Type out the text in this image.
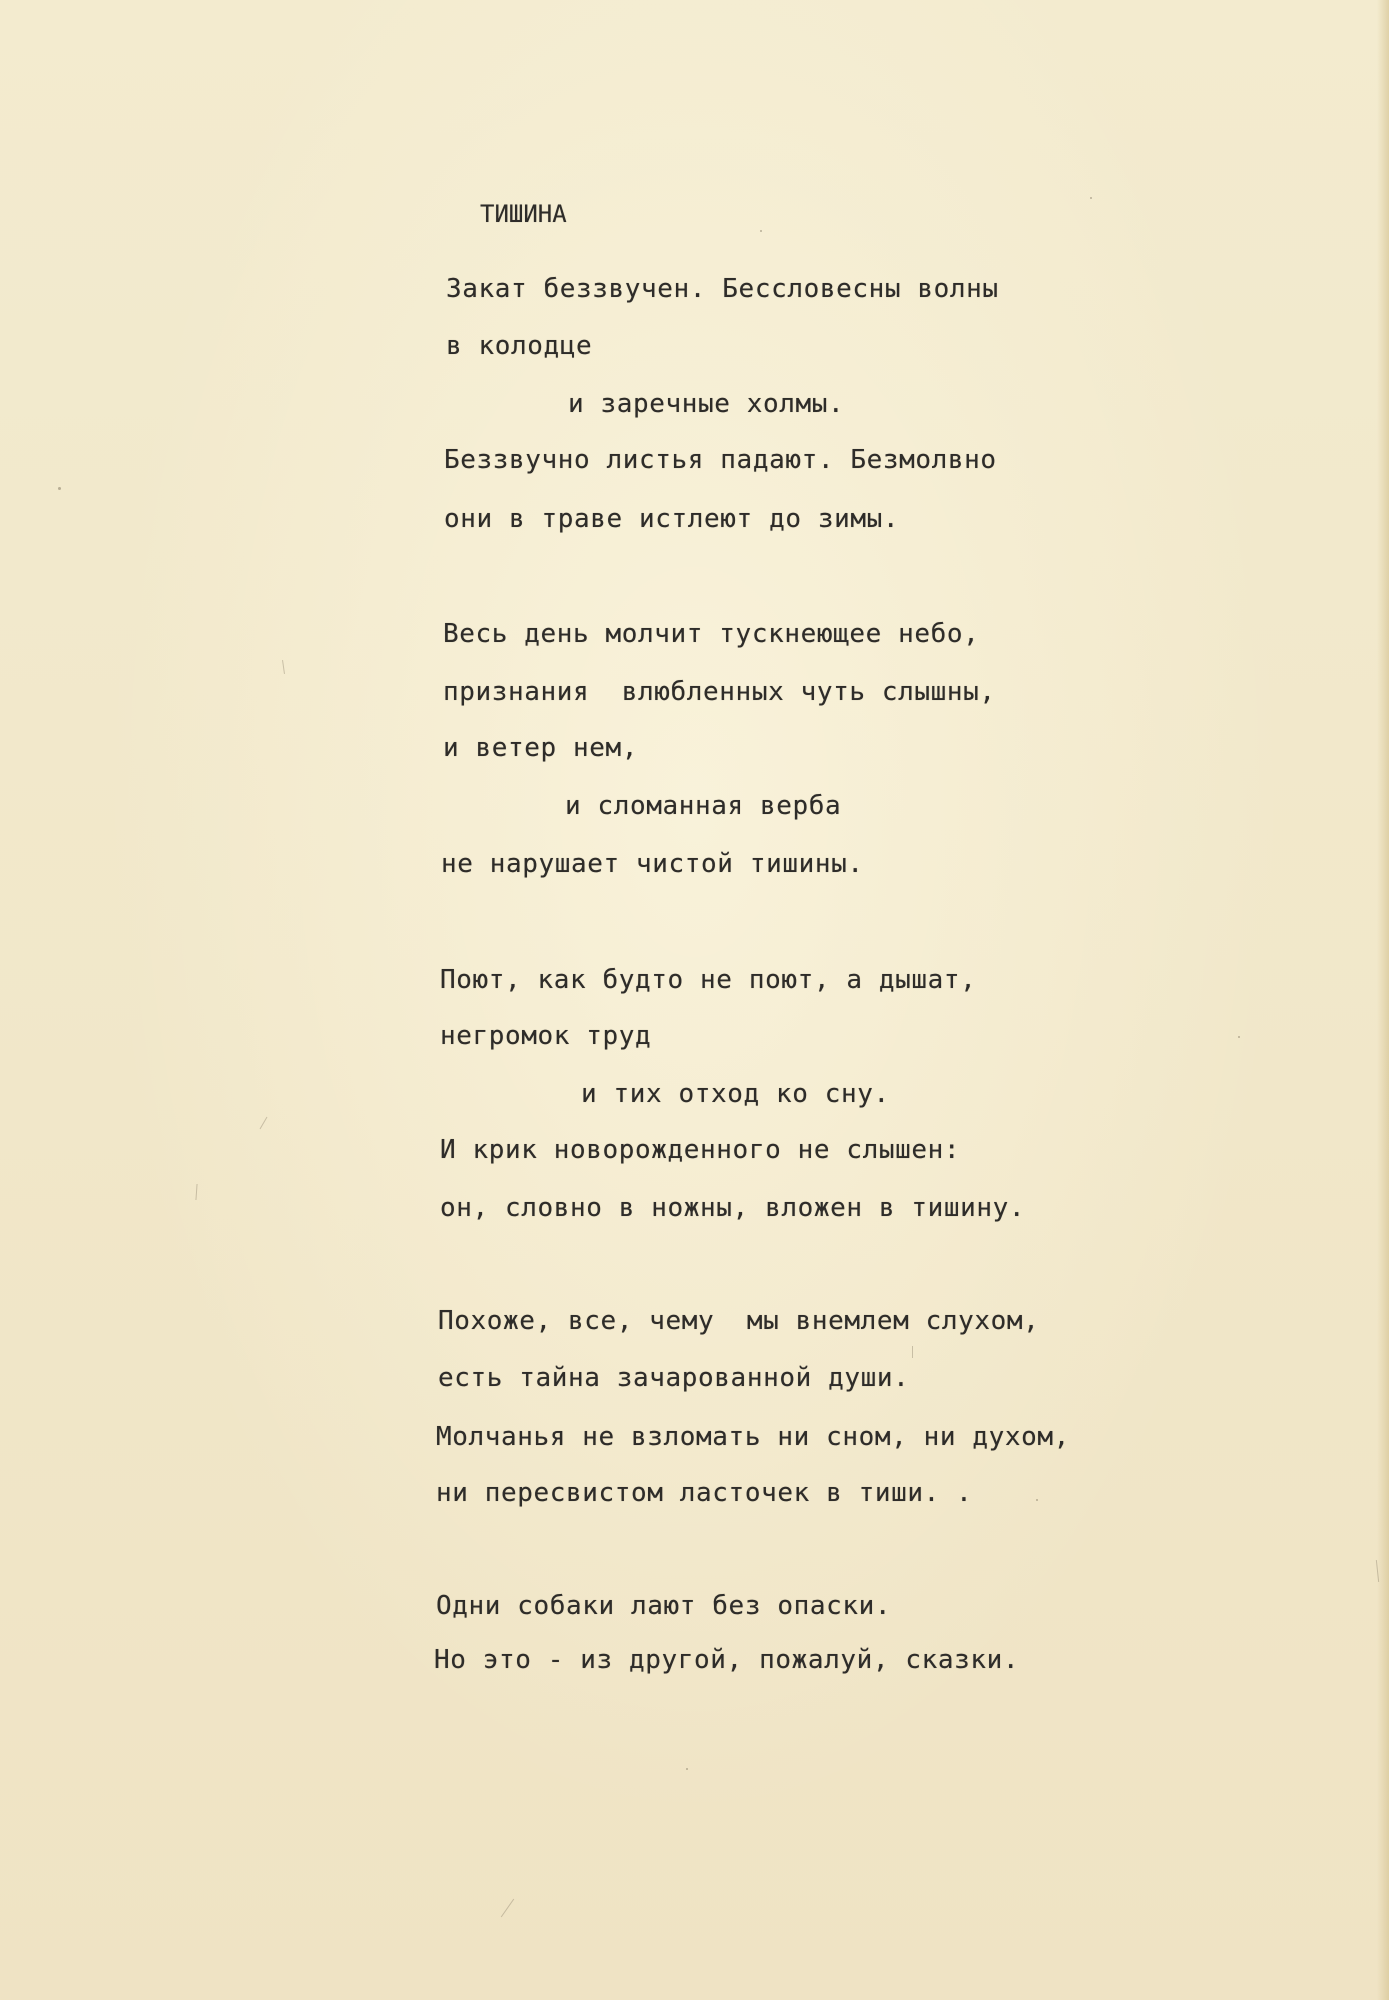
ТИШИНА
Закат беззвучен. Бессловесны волны
в колодце
и заречные холмы.
Беззвучно листья падают. Безмолвно
они в траве истлеют до зимы.
Весь день молчит тускнеющее небо,
признания  влюбленных чуть слышны,
и ветер нем,
и сломанная верба
не нарушает чистой тишины.
Поют, как будто не поют, а дышат,
негромок труд
и тих отход ко сну.
И крик новорожденного не слышен:
он, словно в ножны, вложен в тишину.
Похоже, все, чему  мы внемлем слухом,
есть тайна зачарованной души.
Молчанья не взломать ни сном, ни духом,
ни пересвистом ласточек в тиши. .
Одни собаки лают без опаски.
Но это - из другой, пожалуй, сказки.
